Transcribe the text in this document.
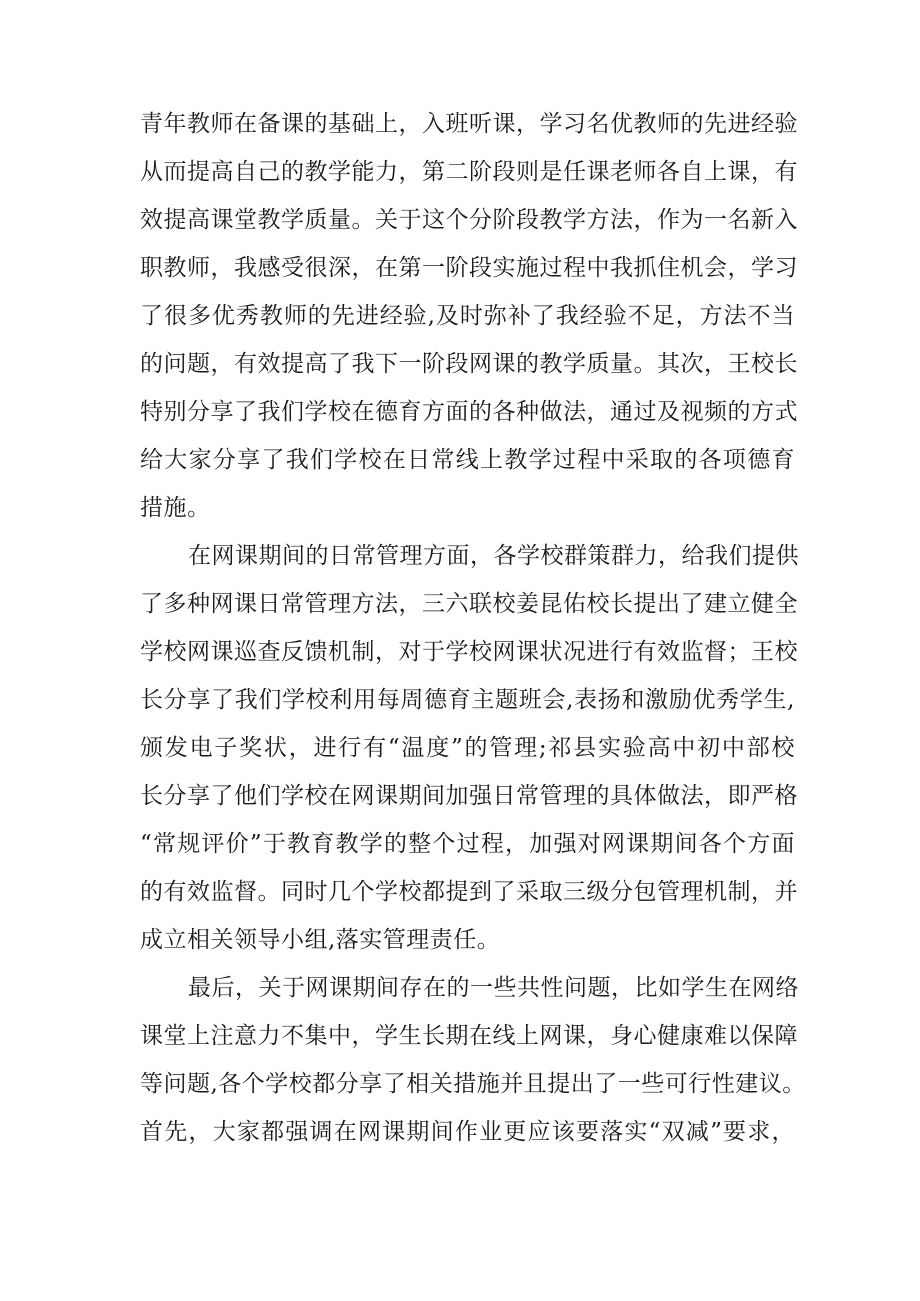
青年教师在备课的基础上，入班听课，学习名优教师的先进经验
从而提高自己的教学能力，第二阶段则是任课老师各自上课，有
效提高课堂教学质量。关于这个分阶段教学方法，作为一名新入
职教师，我感受很深，在第一阶段实施过程中我抓住机会，学习
了很多优秀教师的先进经验,及时弥补了我经验不足，方法不当
的问题，有效提高了我下一阶段网课的教学质量。其次，王校长
特别分享了我们学校在德育方面的各种做法，通过及视频的方式
给大家分享了我们学校在日常线上教学过程中采取的各项德育
措施。
在网课期间的日常管理方面，各学校群策群力，给我们提供
了多种网课日常管理方法，三六联校姜昆佑校长提出了建立健全
学校网课巡查反馈机制，对于学校网课状况进行有效监督；王校
长分享了我们学校利用每周德育主题班会,表扬和激励优秀学生,
颁发电子奖状，进行有“温度”的管理;祁县实验高中初中部校
长分享了他们学校在网课期间加强日常管理的具体做法，即严格
“常规评价”于教育教学的整个过程，加强对网课期间各个方面
的有效监督。同时几个学校都提到了采取三级分包管理机制，并
成立相关领导小组,落实管理责任。
最后，关于网课期间存在的一些共性问题，比如学生在网络
课堂上注意力不集中，学生长期在线上网课，身心健康难以保障
等问题,各个学校都分享了相关措施并且提出了一些可行性建议。
首先，大家都强调在网课期间作业更应该要落实“双减”要求，
